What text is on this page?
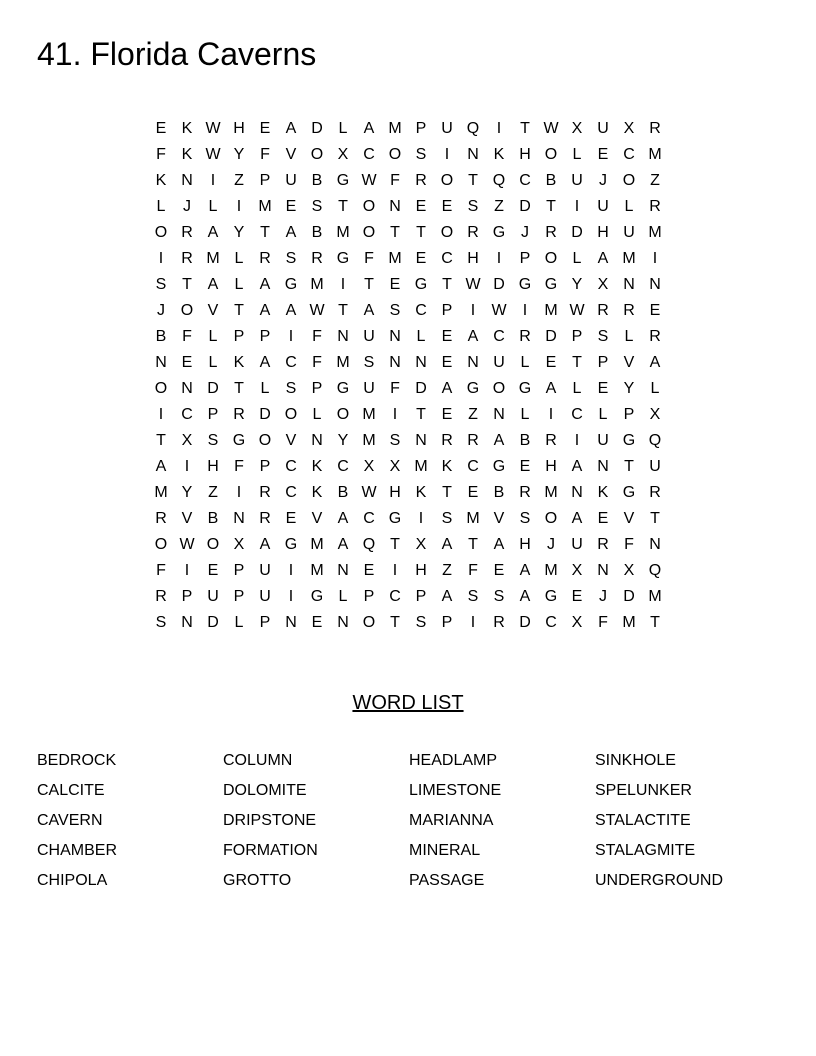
41. Florida Caverns
E K W H E A D L	A M P U Q	I	T W X U X R
F K W Y F V O X C O S	I	N K H O L	E C M
K N	I	Z P U B G W F R O T Q C B U	J O Z
L	J	L	I	M E S T O N E E S Z D T	I	U L R
O R A Y T A B M O T	T O R G J	R D H U M
I	R M L R S R G F M E C H	I	P O L	A M	I
S T A	L	A G M	I	T E G T W D G G Y X N N
J O V T A A W T A S C P	I	W	I	M W R R E
B F	L	P P	I	F N U N L	E A C R D P S	L R
N E	L	K A C F M S N N E N U L	E T P V A
O N D T	L	S P G U F D A G O G A	L	E Y	L
I	C P R D O L O M	I	T E Z N L	I	C L	P X
T X S G O V N Y M S N R R A B R	I	U G Q
A	I	H F P C K C X X M K C G E H A N T U
M Y Z	I	R C K B W H K T E B R M N K G R
R V B N R E V A C G	I	S M V S O A E V T
O W O X A G M A Q T X A T A H	J	U R F N
F	I	E P U	I	M N E	I	H Z	F E A M X N X Q
R P U P U	I	G L	P C P A S S A G E	J	D M
S N D L	P N E N O T S P	I	R D C X F M T
WORD LIST
BEDROCK
CALCITE
CAVERN
CHAMBER
CHIPOLA
COLUMN
DOLOMITE
DRIPSTONE
FORMATION
GROTTO
HEADLAMP
LIMESTONE
MARIANNA
MINERAL
PASSAGE
SINKHOLE
SPELUNKER
STALACTITE
STALAGMITE
UNDERGROUND
